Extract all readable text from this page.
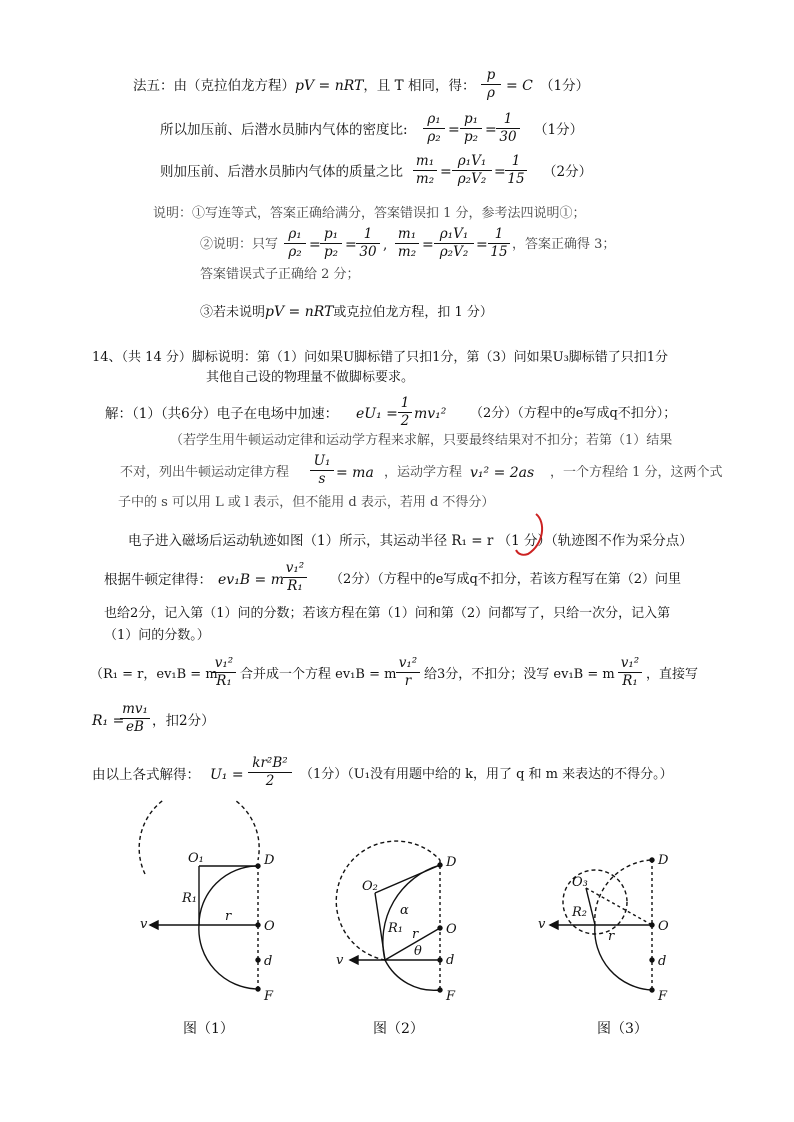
法五：由（克拉伯龙方程）pV = nRT，且 T 相同，得： $\frac{p}{\rho} = C$ （1分）
所以加压前、后潜水员肺内气体的密度比: $\frac{\text{ρ₁}}{\text{ρ₂}} = \frac{\text{p₁}}{\text{p₂}} = \frac{1}{30} (1$分）
则加压前、后潜水员肺内气体的质量之比 $\frac{\text{m₁}}{\text{m₂}} = \frac{\text{ρ₁V₁}}{\text{ρ₂V₂}} = \frac{1}{15} (2$分）
说明：①写连等式，答案正确给满分，答案错误扣 1 分，参考法四说明①；
②说明：只写 $\frac{\text{ρ₁}}{\text{ρ₂}} = \frac{\text{p₁}}{\text{p₂}} = \frac{1}{30}$ , $\frac{\text{m₁}}{\text{m₂}} = \frac{\text{ρ₁V₁}}{\text{ρ₂V₂}} = \frac{1}{15}$ ，答案正确得 3；
答案错误式子正确给 2 分；
③若未说明pV = nRT或克拉伯龙方程，扣 1 分）
14、（共 14 分）脚标说明：第（1）问如果U脚标错了只扣1分，第（3）问如果U₃脚标错了只扣1分
其他自己设的物理量不做脚标要求。
解：（1）（共6分）电子在电场中加速： $eU_1 = \frac{1}{2} mv_1^2$ （2分）（方程中的e写成q不扣分）；
（若学生用牛顿运动定律和运动学方程来求解，只要最终结果对不扣分；若第（1）结果
不对，列出牛顿运动定律方程 $\frac{\text{U₁}}{s}$ = ma ，运动学方程 v₁² = 2as ，一个方程给 1 分，这两个式
子中的 s 可以用 L 或 l 表示，但不能用 d 表示，若用 d 不得分）
电子进入磁场后运动轨迹如图（1）所示，其运动半径 R₁ = r （1 分）（轨迹图不作为采分点）
根据牛顿定律得： ev₁B = m
$\frac{\text{v₁²}}{\text{R₁}} (2$分）（方程中的e写成q不扣分，若该方程写在第（2）问里
也给2分，记入第（1）问的分数；若该方程在第（1）问和第（2）问都写了，只给一次分，记入第
（1）问的分数。）
（R₁ = r，ev₁B = m
$\frac{\text{v₁²}}{\text{R₁}}$ 合并成一个方程 ev₁B = m $\frac{\text{v₁²}}{r}$ 给3分，不扣分；没写 ev₁B = m $\frac{\text{v₁²}}{\text{R₁}}$ ，直接写
R₁ =
$\frac{\text{mv₁}}{eB}$ ，扣2分）
由以上各式解得： $U_1 = \frac{\text{kr²B²}}{2} (1$分）（U₁没有用题中给的 k，用了 q 和 m 来表达的不得分。）
O₁	D
R₁
r
O
v
d
F
O₂
D
α
R₁ r O
θ
v	d
F
O₃
D
R₂
r
O
v
d
F
图（1）	图（2）	图（3）
